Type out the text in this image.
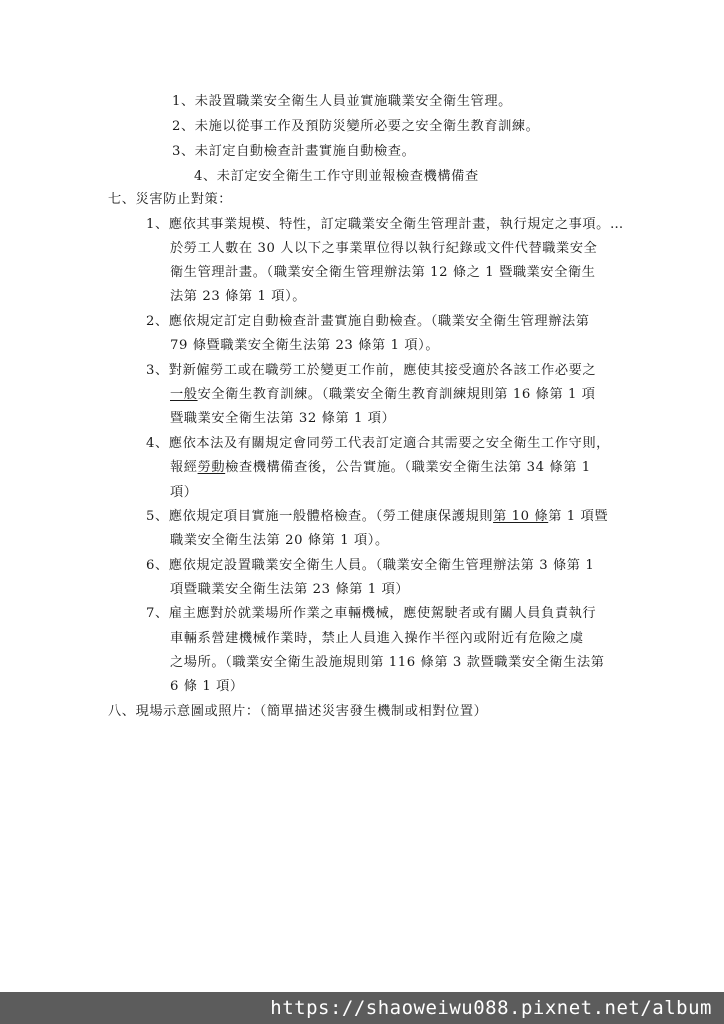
1、未設置職業安全衛生人員並實施職業安全衛生管理。
2、未施以從事工作及預防災變所必要之安全衛生教育訓練。
3、未訂定自動檢查計畫實施自動檢查。
4、未訂定安全衛生工作守則並報檢查機構備查
七、災害防止對策：
1、應依其事業規模、特性，訂定職業安全衛生管理計畫，執行規定之事項。…
於勞工人數在 30 人以下之事業單位得以執行紀錄或文件代替職業安全
衛生管理計畫。（職業安全衛生管理辦法第 12 條之 1 暨職業安全衛生
法第 23 條第 1 項）。
2、應依規定訂定自動檢查計畫實施自動檢查。（職業安全衛生管理辦法第
79 條暨職業安全衛生法第 23 條第 1 項）。
3、對新僱勞工或在職勞工於變更工作前，應使其接受適於各該工作必要之
一般安全衛生教育訓練。（職業安全衛生教育訓練規則第 16 條第 1 項
暨職業安全衛生法第 32 條第 1 項）
4、應依本法及有關規定會同勞工代表訂定適合其需要之安全衛生工作守則，
報經勞動檢查機構備查後，公告實施。（職業安全衛生法第 34 條第 1
項）
5、應依規定項目實施一般體格檢查。（勞工健康保護規則第 10 條第 1 項暨
職業安全衛生法第 20 條第 1 項）。
6、應依規定設置職業安全衛生人員。（職業安全衛生管理辦法第 3 條第 1
項暨職業安全衛生法第 23 條第 1 項）
7、雇主應對於就業場所作業之車輛機械，應使駕駛者或有關人員負責執行
車輛系營建機械作業時，禁止人員進入操作半徑內或附近有危險之虞
之場所。（職業安全衛生設施規則第 116 條第 3 款暨職業安全衛生法第
6 條 1 項）
八、現場示意圖或照片：（簡單描述災害發生機制或相對位置）
https://shaoweiwu088.pixnet.net/album
